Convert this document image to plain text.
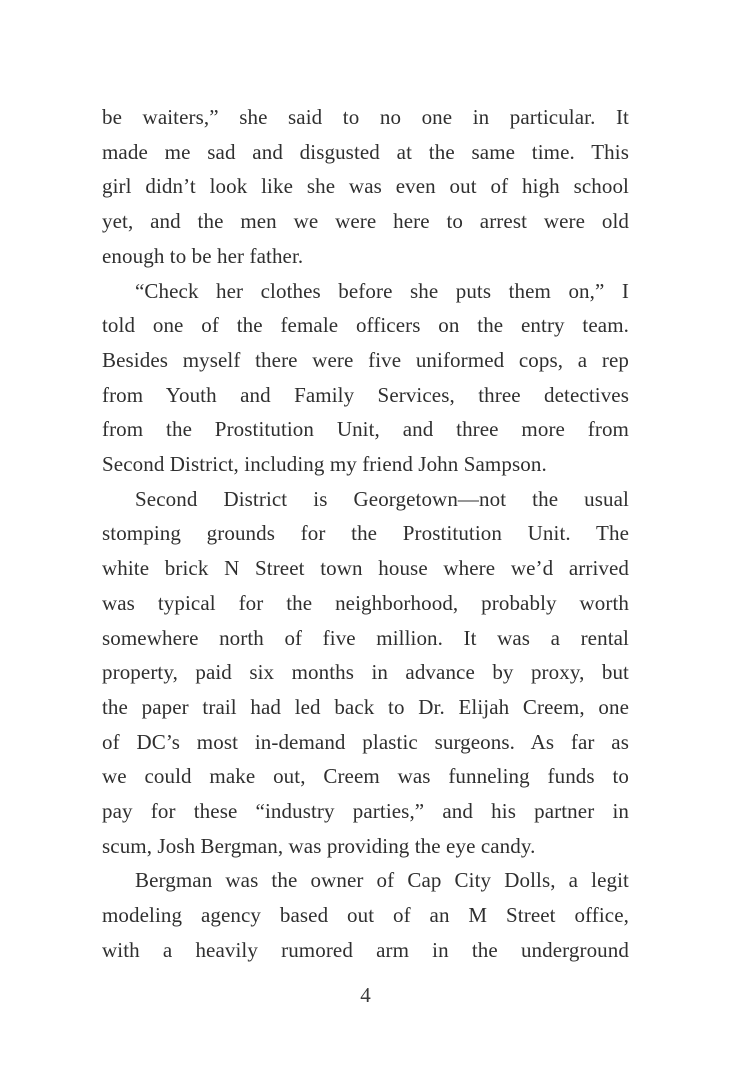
be waiters,” she said to no one in particular. It
made me sad and disgusted at the same time. This
girl didn’t look like she was even out of high school
yet, and the men we were here to arrest were old
enough to be her father.
“Check her clothes before she puts them on,” I
told one of the female officers on the entry team.
Besides myself there were five uniformed cops, a rep
from Youth and Family Services, three detectives
from the Prostitution Unit, and three more from
Second District, including my friend John Sampson.
Second District is Georgetown—not the usual
stomping grounds for the Prostitution Unit. The
white brick N Street town house where we’d arrived
was typical for the neighborhood, probably worth
somewhere north of five million. It was a rental
property, paid six months in advance by proxy, but
the paper trail had led back to Dr. Elijah Creem, one
of DC’s most in-demand plastic surgeons. As far as
we could make out, Creem was funneling funds to
pay for these “industry parties,” and his partner in
scum, Josh Bergman, was providing the eye candy.
Bergman was the owner of Cap City Dolls, a legit
modeling agency based out of an M Street office,
with a heavily rumored arm in the underground
4
